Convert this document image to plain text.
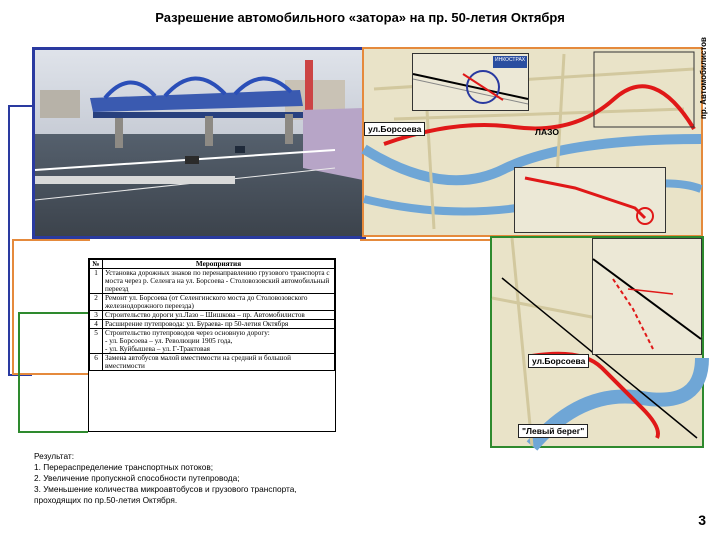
Разрешение автомобильного «затора» на пр. 50-летия Октября
ИНКОСТРАХ
ул.Борсоева	ЛАЗО
пр. Автомобилистов
№	Мероприятия
1	Установка дорожных знаков по перенаправлению грузового транспорта с моста через р. Селенга на ул. Борсоева - Столовозовский автомобильный переезд
2	Ремонт ул. Борсоева (от Селенгинского моста до Столовозовского железнодорожного переезда)
3	Строительство дороги ул.Лазо – Шишкова – пр. Автомобилистов
4	Расширение путепровода: ул. Бураева- пр 50-летия Октября
5	Строительство путепроводов через основную дорогу:
- ул. Борсоева – ул. Революции 1905 года,
- ул. Куйбышева – ул. Г-Трактовая
6	Замена автобусов малой вместимости на средний и большой вместимости	ул.Борсоева
"Левый берег"
Результат:
1. Перераспределение транспортных потоков;
2. Увеличение пропускной способности путепровода;
3. Уменьшение количества микроавтобусов и грузового транспорта,
проходящих по пр.50-летия Октября.
3
